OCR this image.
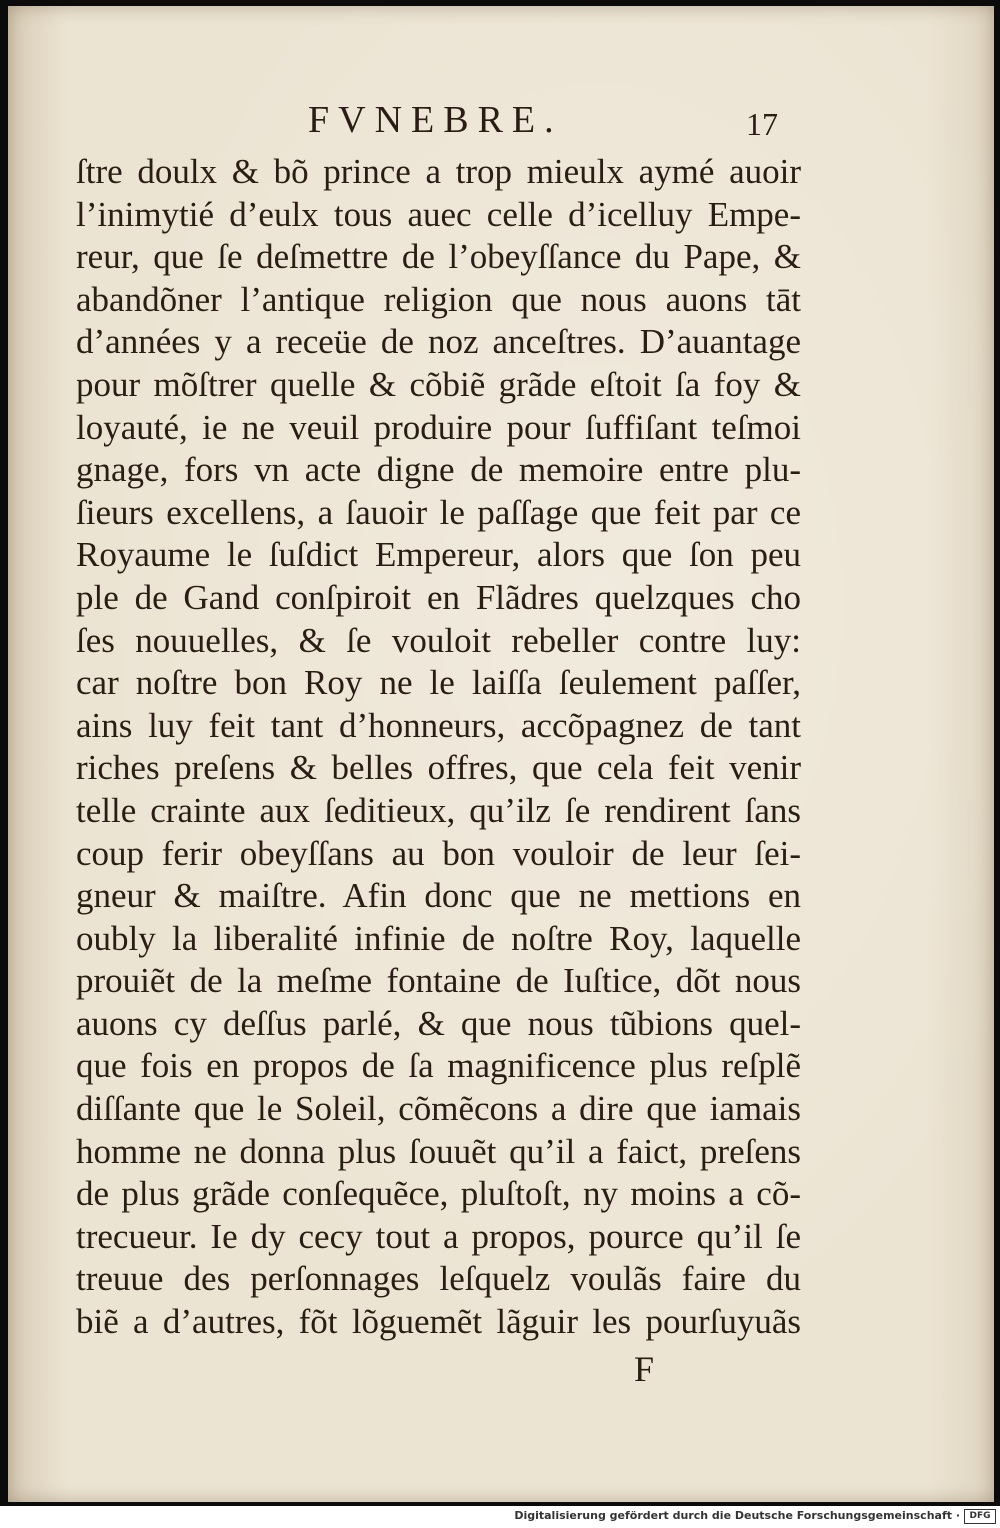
FVNEBRE.	17
ſtre doulx & bõ prince a trop mieulx aymé auoir
l’inimytié d’eulx tous auec celle d’icelluy Empe-
reur, que ſe deſmettre de l’obeyſſance du Pape, &
abandõner l’antique religion que nous auons tāt
d’années y a receüe de noz anceſtres. D’auantage
pour mõſtrer quelle & cõbiẽ grãde eſtoit ſa foy &
loyauté, ie ne veuil produire pour ſuffiſant teſmoi
gnage, fors vn acte digne de memoire entre plu-
ſieurs excellens, a ſauoir le paſſage que feit par ce
Royaume le ſuſdict Empereur, alors que ſon peu
ple de Gand conſpiroit en Flãdres quelzques cho
ſes nouuelles, & ſe vouloit rebeller contre luy:
car noſtre bon Roy ne le laiſſa ſeulement paſſer,
ains luy feit tant d’honneurs, accõpagnez de tant
riches preſens & belles offres, que cela feit venir
telle crainte aux ſeditieux, qu’ilz ſe rendirent ſans
coup ferir obeyſſans au bon vouloir de leur ſei-
gneur & maiſtre. Afin donc que ne mettions en
oubly la liberalité infinie de noſtre Roy, laquelle
prouiẽt de la meſme fontaine de Iuſtice, dõt nous
auons cy deſſus parlé, & que nous tũbions quel-
que fois en propos de ſa magnificence plus reſplẽ
diſſante que le Soleil, cõmẽcons a dire que iamais
homme ne donna plus ſouuẽt qu’il a faict, preſens
de plus grãde conſequẽce, pluſtoſt, ny moins a cõ-
trecueur. Ie dy cecy tout a propos, pource qu’il ſe
treuue des perſonnages leſquelz voulãs faire du
biẽ a d’autres, fõt lõguemẽt lãguir les pourſuyuãs
F
Digitalisierung gefördert durch die Deutsche Forschungsgemeinschaft ·	DFG
